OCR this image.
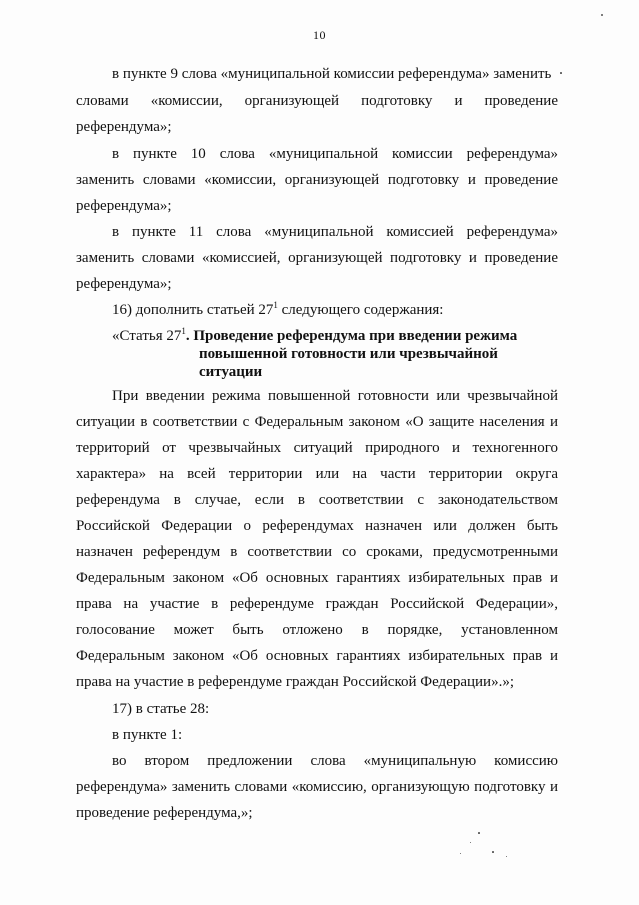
10
в пункте 9 слова «муниципальной комиссии референдума» заменить
словами «комиссии, организующей подготовку и проведение
референдума»;
в пункте 10 слова «муниципальной комиссии референдума»
заменить словами «комиссии, организующей подготовку и проведение
референдума»;
в пункте 11 слова «муниципальной комиссией референдума»
заменить словами «комиссией, организующей подготовку и проведение
референдума»;
16) дополнить статьей $27^1$ следующего содержания:
«Статья $27^1$. Проведение референдума при введении режима
повышенной готовности или чрезвычайной
ситуации
При введении режима повышенной готовности или чрезвычайной
ситуации в соответствии с Федеральным законом «О защите населения и
территорий от чрезвычайных ситуаций природного и техногенного
характера» на всей территории или на части территории округа
референдума в случае, если в соответствии с законодательством
Российской Федерации о референдумах назначен или должен быть
назначен референдум в соответствии со сроками, предусмотренными
Федеральным законом «Об основных гарантиях избирательных прав и
права на участие в референдуме граждан Российской Федерации»,
голосование может быть отложено в порядке, установленном
Федеральным законом «Об основных гарантиях избирательных прав и
права на участие в референдуме граждан Российской Федерации».»;
17) в статье 28:
в пункте 1:
во втором предложении слова «муниципальную комиссию
референдума» заменить словами «комиссию, организующую подготовку и
проведение референдума,»;
